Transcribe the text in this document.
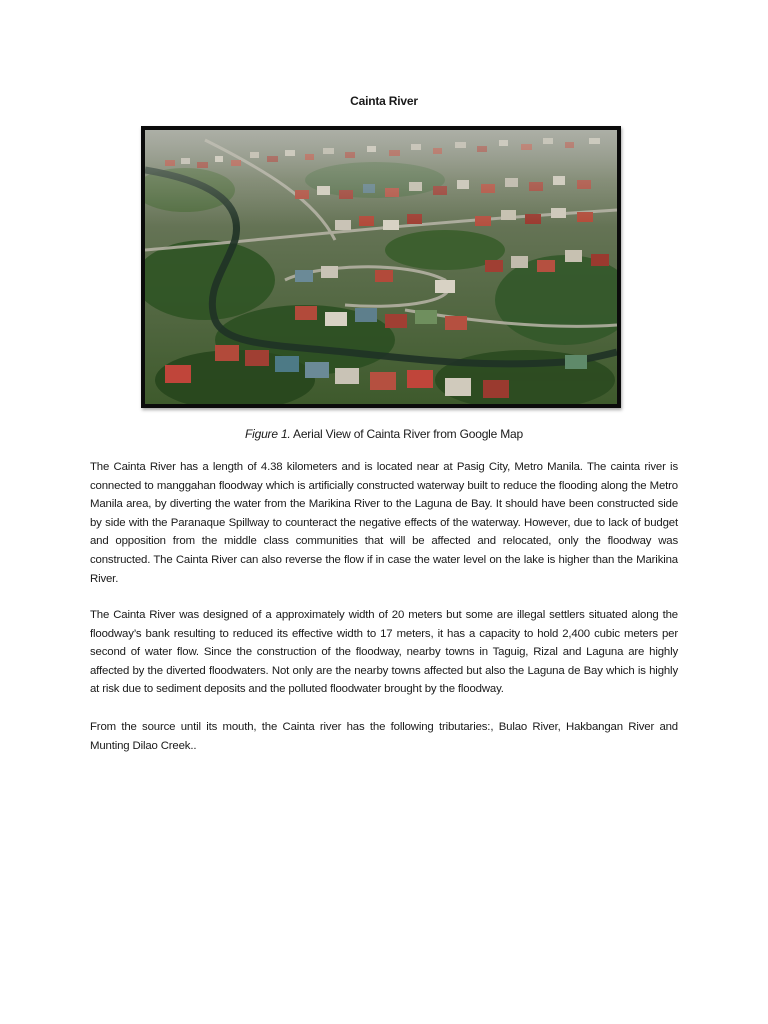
Cainta River
Figure 1. Aerial View of Cainta River from Google Map

The Cainta River has a length of 4.38 kilometers and is located near at Pasig City, Metro Manila. The cainta river is connected to manggahan floodway which is artificially constructed waterway built to reduce the flooding along the Metro Manila area, by diverting the water from the Marikina River to the Laguna de Bay. It should have been constructed side by side with the Paranaque Spillway to counteract the negative effects of the waterway. However, due to lack of budget and opposition from the middle class communities that will be affected and relocated, only the floodway was constructed. The Cainta River can also reverse the flow if in case the water level on the lake is higher than the Marikina River.

The Cainta River was designed of a approximately width of 20 meters but some are illegal settlers situated along the floodway’s bank resulting to reduced its effective width to 17 meters, it has a capacity to hold 2,400 cubic meters per second of water flow. Since the construction of the floodway, nearby towns in Taguig, Rizal and Laguna are highly affected by the diverted floodwaters. Not only are the nearby towns affected but also the Laguna de Bay which is highly at risk due to sediment deposits and the polluted floodwater brought by the floodway.

From the source until its mouth, the Cainta river has the following tributaries:, Bulao River, Hakbangan River and Munting Dilao Creek..
